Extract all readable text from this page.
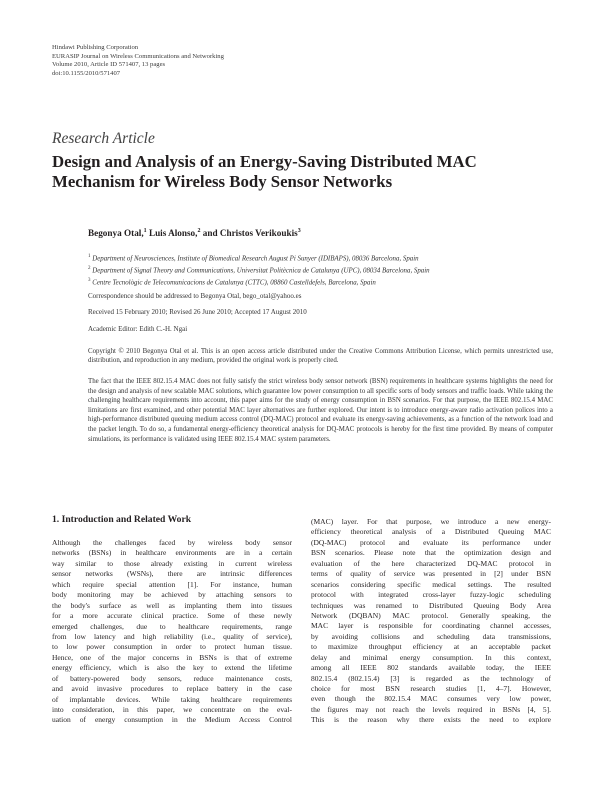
Hindawi Publishing Corporation
EURASIP Journal on Wireless Communications and Networking
Volume 2010, Article ID 571407, 13 pages
doi:10.1155/2010/571407
Research Article
Design and Analysis of an Energy-Saving Distributed MAC
Mechanism for Wireless Body Sensor Networks
Begonya Otal,$^1$ Luis Alonso,$^2$ and Christos Verikoukis$^3$
$^1$ Department of Neurosciences, Institute of Biomedical Research August Pi Sunyer (IDIBAPS), 08036 Barcelona, Spain
$^2$ Department of Signal Theory and Communications, Universitat Politècnica de Catalunya (UPC), 08034 Barcelona, Spain
$^3$ Centre Tecnològic de Telecomunicacions de Catalunya (CTTC), 08860 Castelldefels, Barcelona, Spain
Correspondence should be addressed to Begonya Otal, bego_otal@yahoo.es
Received 15 February 2010; Revised 26 June 2010; Accepted 17 August 2010
Academic Editor: Edith C.-H. Ngai
Copyright © 2010 Begonya Otal et al. This is an open access article distributed under the Creative Commons Attribution License, which permits unrestricted use, distribution, and reproduction in any medium, provided the original work is properly cited.
The fact that the IEEE 802.15.4 MAC does not fully satisfy the strict wireless body sensor network (BSN) requirements in healthcare systems highlights the need for the design and analysis of new scalable MAC solutions, which guarantee low power consumption to all specific sorts of body sensors and traffic loads. While taking the challenging healthcare requirements into account, this paper aims for the study of energy consumption in BSN scenarios. For that purpose, the IEEE 802.15.4 MAC limitations are first examined, and other potential MAC layer alternatives are further explored. Our intent is to introduce energy-aware radio activation polices into a high-performance distributed queuing medium access control (DQ-MAC) protocol and evaluate its energy-saving achievements, as a function of the network load and the packet length. To do so, a fundamental energy-efficiency theoretical analysis for DQ-MAC protocols is hereby for the first time provided. By means of computer simulations, its performance is validated using IEEE 802.15.4 MAC system parameters.
1. Introduction and Related Work
Although the challenges faced by wireless body sensor
networks (BSNs) in healthcare environments are in a certain
way similar to those already existing in current wireless
sensor networks (WSNs), there are intrinsic differences
which require special attention [1]. For instance, human
body monitoring may be achieved by attaching sensors to
the body's surface as well as implanting them into tissues
for a more accurate clinical practice. Some of these newly
emerged challenges, due to healthcare requirements, range
from low latency and high reliability (i.e., quality of service),
to low power consumption in order to protect human tissue.
Hence, one of the major concerns in BSNs is that of extreme
energy efficiency, which is also the key to extend the lifetime
of battery-powered body sensors, reduce maintenance costs,
and avoid invasive procedures to replace battery in the case
of implantable devices. While taking healthcare requirements
into consideration, in this paper, we concentrate on the eval-
uation of energy consumption in the Medium Access Control
(MAC) layer. For that purpose, we introduce a new energy-
efficiency theoretical analysis of a Distributed Queuing MAC
(DQ-MAC) protocol and evaluate its performance under
BSN scenarios. Please note that the optimization design and
evaluation of the here characterized DQ-MAC protocol in
terms of quality of service was presented in [2] under BSN
scenarios considering specific medical settings. The resulted
protocol with integrated cross-layer fuzzy-logic scheduling
techniques was renamed to Distributed Queuing Body Area
Network (DQBAN) MAC protocol. Generally speaking, the
MAC layer is responsible for coordinating channel accesses,
by avoiding collisions and scheduling data transmissions,
to maximize throughput efficiency at an acceptable packet
delay and minimal energy consumption. In this context,
among all IEEE 802 standards available today, the IEEE
802.15.4 (802.15.4) [3] is regarded as the technology of
choice for most BSN research studies [1, 4–7]. However,
even though the 802.15.4 MAC consumes very low power,
the figures may not reach the levels required in BSNs [4, 5].
This is the reason why there exists the need to explore
